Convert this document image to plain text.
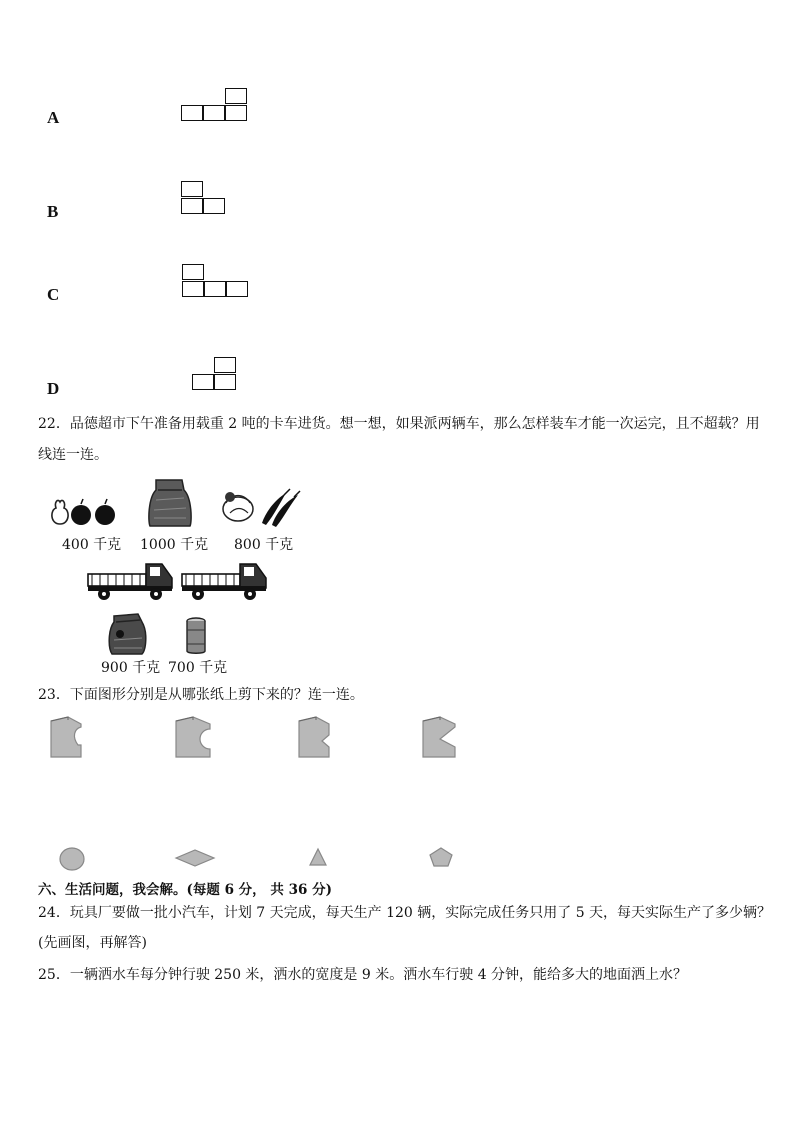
A
B
C
D
22．品德超市下午准备用载重 2 吨的卡车进货。想一想，如果派两辆车，那么怎样装车才能一次运完，且不超载？用
线连一连。
400 千克 1000 千克 800 千克
900 千克 700 千克
23．下面图形分别是从哪张纸上剪下来的？连一连。
六、生活问题，我会解。(每题 6 分， 共 36 分)
24．玩具厂要做一批小汽车，计划 7 天完成，每天生产 120 辆，实际完成任务只用了 5 天，每天实际生产了多少辆？
(先画图，再解答)
25．一辆洒水车每分钟行驶 250 米，洒水的宽度是 9 米。洒水车行驶 4 分钟，能给多大的地面洒上水？
